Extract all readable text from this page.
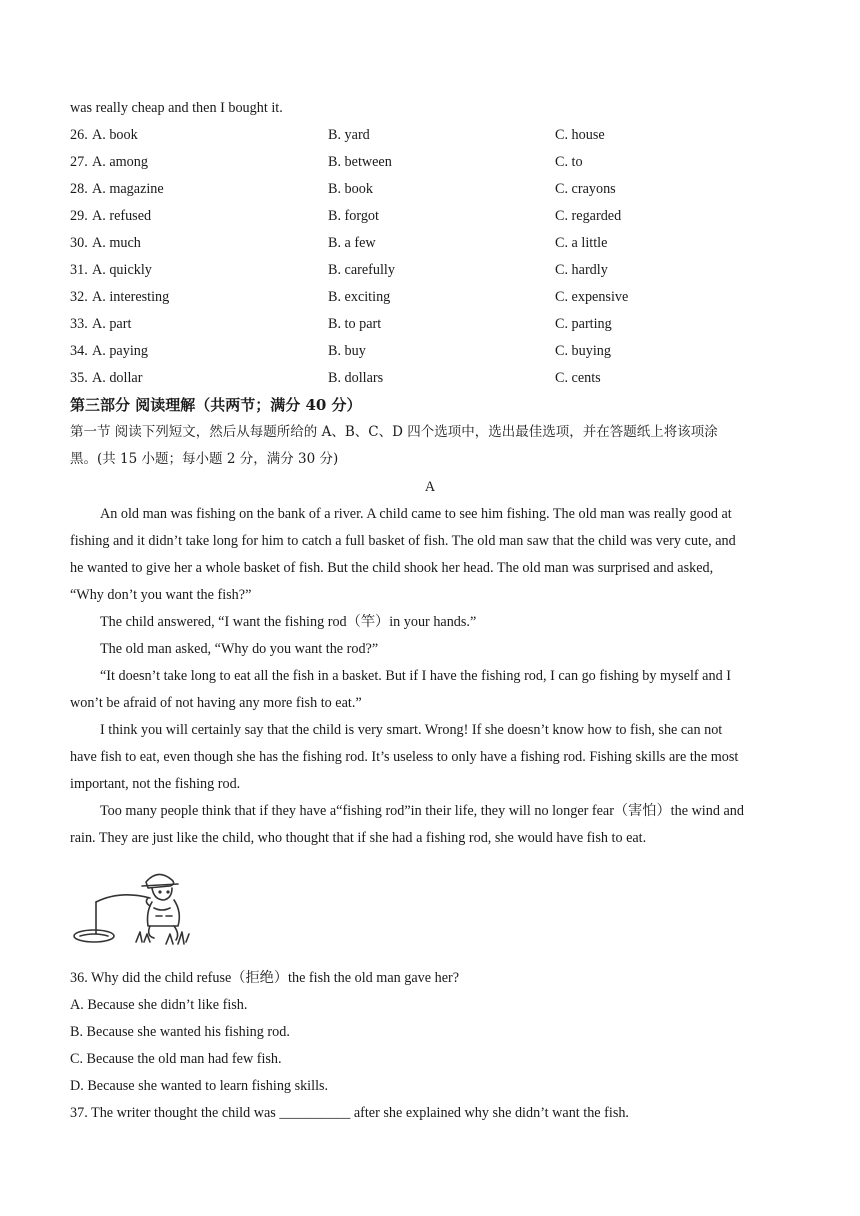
was really cheap and then I bought it.
26. A. book	B. yard	C. house
27. A. among	B. between	C. to
28. A. magazine	B. book	C. crayons
29. A. refused	B. forgot	C. regarded
30. A. much	B. a few	C. a little
31. A. quickly	B. carefully	C. hardly
32. A. interesting	B. exciting	C. expensive
33. A. part	B. to part	C. parting
34. A. paying	B. buy	C. buying
35. A. dollar	B. dollars	C. cents
第三部分 阅读理解（共两节；满分 40 分）
第一节 阅读下列短文，然后从每题所给的 A、B、C、D 四个选项中，选出最佳选项，并在答题纸上将该项涂
黑。(共 15 小题；每小题 2 分，满分 30 分)
A
An old man was fishing on the bank of a river. A child came to see him fishing. The old man was really good at
fishing and it didn’t take long for him to catch a full basket of fish. The old man saw that the child was very cute, and
he wanted to give her a whole basket of fish. But the child shook her head. The old man was surprised and asked,
“Why don’t you want the fish?”
The child answered, “I want the fishing rod（竿）in your hands.”
The old man asked, “Why do you want the rod?”
“It doesn’t take long to eat all the fish in a basket. But if I have the fishing rod, I can go fishing by myself and I
won’t be afraid of not having any more fish to eat.”
I think you will certainly say that the child is very smart. Wrong! If she doesn’t know how to fish, she can not
have fish to eat, even though she has the fishing rod. It’s useless to only have a fishing rod. Fishing skills are the most
important, not the fishing rod.
Too many people think that if they have a“fishing rod”in their life, they will no longer fear（害怕）the wind and
rain. They are just like the child, who thought that if she had a fishing rod, she would have fish to eat.
36. Why did the child refuse（拒绝）the fish the old man gave her?
A. Because she didn’t like fish.
B. Because she wanted his fishing rod.
C. Because the old man had few fish.
D. Because she wanted to learn fishing skills.
37. The writer thought the child was __________ after she explained why she didn’t want the fish.
